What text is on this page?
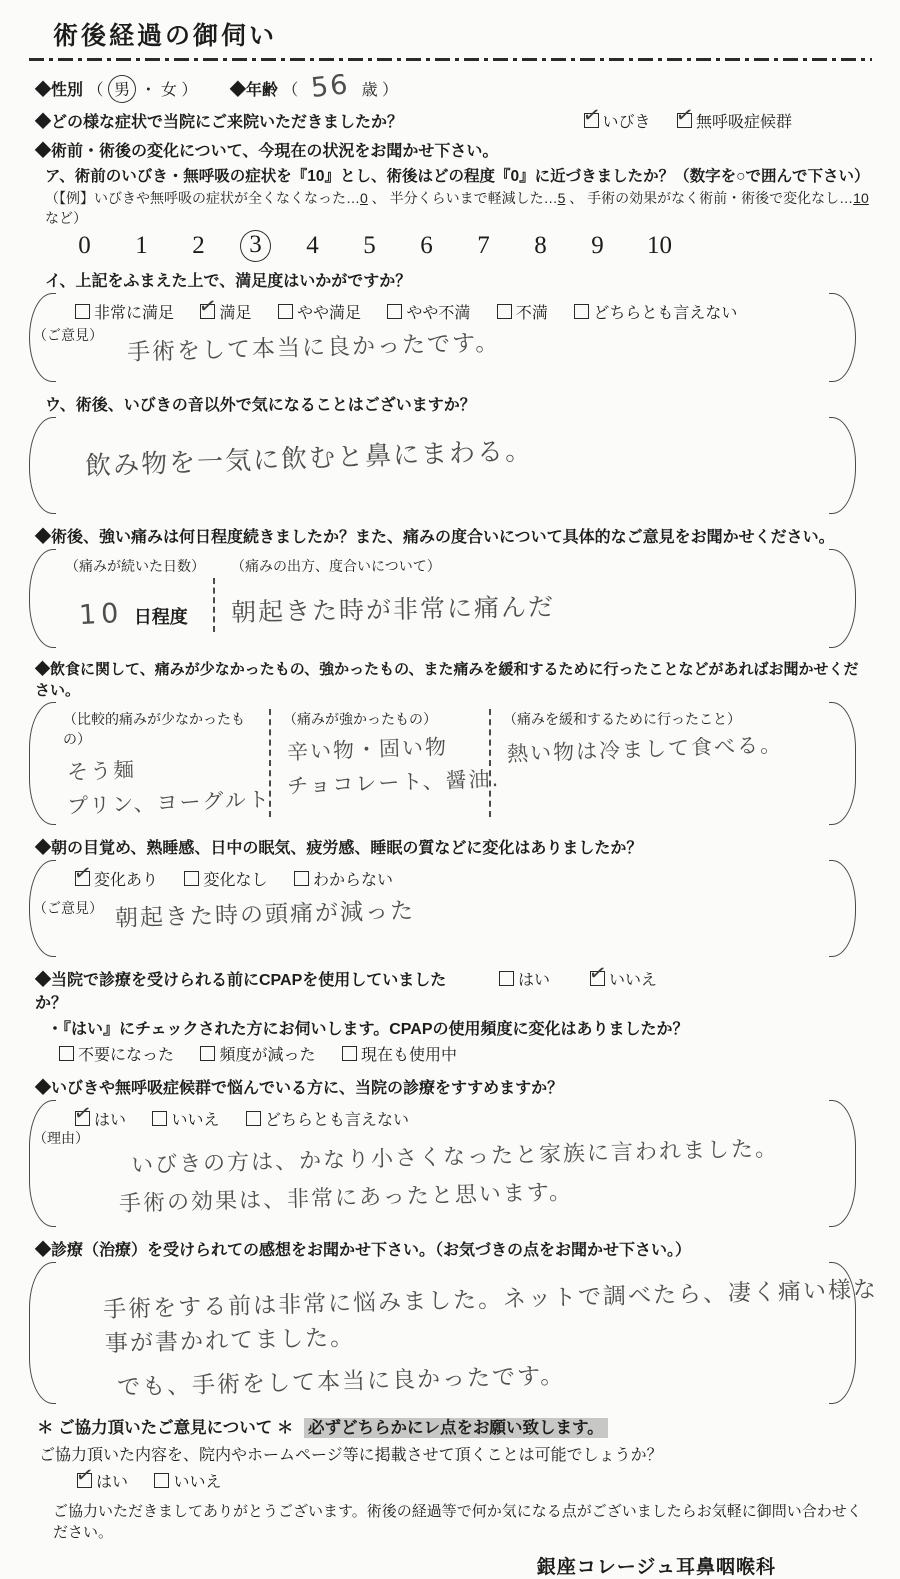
術後経過の御伺い
◆性別 （ 男 ・ 女 ） ◆年齢 （ 56 歳 ）
◆どの様な症状で当院にご来院いただきましたか？ ✓	いびき ✓	無呼吸症候群
◆術前・術後の変化について、今現在の状況をお聞かせ下さい。
ア、術前のいびき・無呼吸の症状を『10』とし、術後はどの程度『0』に近づきましたか？（数字を○で囲んで下さい）
（【例】いびきや無呼吸の症状が全くなくなった…0 、 半分くらいまで軽減した…5 、 手術の効果がなく術前・術後で変化なし…10 など）
0 1 2	3	4 5 6 7 8 9 10
イ、上記をふまえた上で、満足度はいかがですか？
非常に満足 ✓	満足	やや満足	やや不満	不満	どちらとも言えない
（ご意見） 手術をして本当に良かったです。
ウ、術後、いびきの音以外で気になることはございますか？
飲み物を一気に飲むと鼻にまわる。
◆術後、強い痛みは何日程度続きましたか？また、痛みの度合いについて具体的なご意見をお聞かせください。
（痛みが続いた日数）
10 日程度
（痛みの出方、度合いについて）
朝起きた時が非常に痛んだ
◆飲食に関して、痛みが少なかったもの、強かったもの、また痛みを緩和するために行ったことなどがあればお聞かせください。
（比較的痛みが少なかったもの）
そう麺
プリン、ヨーグルト
（痛みが強かったもの）
辛い物・固い物
チョコレート、醤油.
（痛みを緩和するために行ったこと）
熱い物は冷まして食べる。
◆朝の目覚め、熟睡感、日中の眠気、疲労感、睡眠の質などに変化はありましたか？
✓変化あり	変化なし	わからない
（ご意見） 朝起きた時の頭痛が減った
◆当院で診療を受けられる前にCPAPを使用していましたか？
はい ✓	いいえ
・『はい』にチェックされた方にお伺いします。CPAPの使用頻度に変化はありましたか？
不要になった	頻度が減った	現在も使用中
◆いびきや無呼吸症候群で悩んでいる方に、当院の診療をすすめますか？
✓はい	いいえ	どちらとも言えない
（理由） いびきの方は、かなり小さくなったと家族に言われました。 手術の効果は、非常にあったと思います。
◆診療（治療）を受けられての感想をお聞かせ下さい。（お気づきの点をお聞かせ下さい。）
手術をする前は非常に悩みました。ネットで調べたら、凄く痛い様な 事が書かれてました。 でも、手術をして本当に良かったです。
＊ ご協力頂いたご意見について ＊ 必ずどちらかにレ点をお願い致します。
ご協力頂いた内容を、院内やホームページ等に掲載させて頂くことは可能でしょうか？
✓はい	いいえ
ご協力いただきましてありがとうございます。術後の経過等で何か気になる点がございましたらお気軽に御問い合わせください。
銀座コレージュ耳鼻咽喉科
